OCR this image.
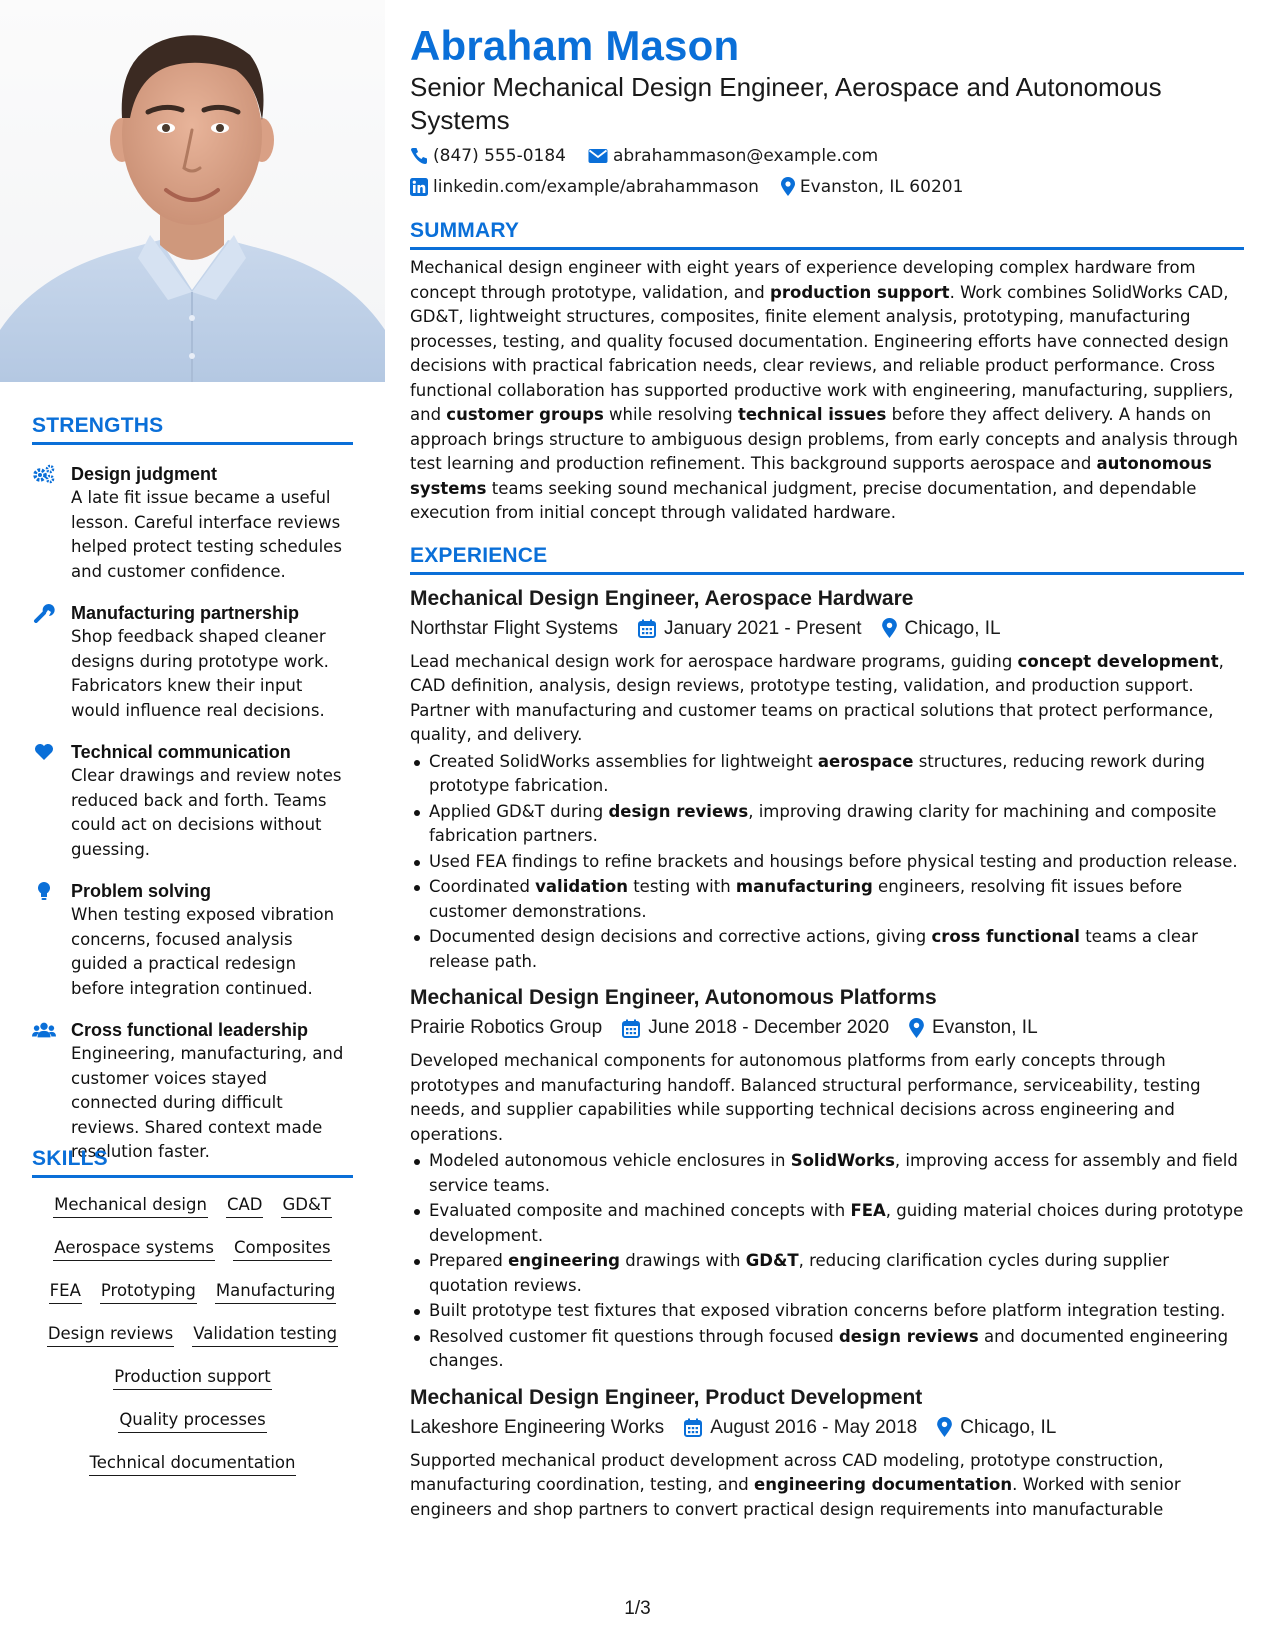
STRENGTHS
Design judgment
A late fit issue became a useful lesson. Careful interface reviews helped protect testing schedules and customer confidence.
Manufacturing partnership
Shop feedback shaped cleaner designs during prototype work. Fabricators knew their input would influence real decisions.
Technical communication
Clear drawings and review notes reduced back and forth. Teams could act on decisions without guessing.
Problem solving
When testing exposed vibration concerns, focused analysis guided a practical redesign before integration continued.
Cross functional leadership
Engineering, manufacturing, and customer voices stayed connected during difficult reviews. Shared context made resolution faster.
SKILLS
Mechanical design CAD GD&T
Aerospace systems Composites
FEA Prototyping Manufacturing
Design reviews Validation testing
Production support
Quality processes
Technical documentation
Abraham Mason
Senior Mechanical Design Engineer, Aerospace and Autonomous Systems
(847) 555-0184	abrahammason@example.com
linkedin.com/example/abrahammason Evanston, IL 60201
SUMMARY
Mechanical design engineer with eight years of experience developing complex hardware from concept through prototype, validation, and production support. Work combines SolidWorks CAD, GD&T, lightweight structures, composites, finite element analysis, prototyping, manufacturing processes, testing, and quality focused documentation. Engineering efforts have connected design decisions with practical fabrication needs, clear reviews, and reliable product performance. Cross functional collaboration has supported productive work with engineering, manufacturing, suppliers, and customer groups while resolving technical issues before they affect delivery. A hands on approach brings structure to ambiguous design problems, from early concepts and analysis through test learning and production refinement. This background supports aerospace and autonomous systems teams seeking sound mechanical judgment, precise documentation, and dependable execution from initial concept through validated hardware.
EXPERIENCE
Mechanical Design Engineer, Aerospace Hardware
Northstar Flight Systems January 2021 - Present Chicago, IL
Lead mechanical design work for aerospace hardware programs, guiding concept development, CAD definition, analysis, design reviews, prototype testing, validation, and production support. Partner with manufacturing and customer teams on practical solutions that protect performance, quality, and delivery.
Created SolidWorks assemblies for lightweight aerospace structures, reducing rework during prototype fabrication.
Applied GD&T during design reviews, improving drawing clarity for machining and composite fabrication partners.
Used FEA findings to refine brackets and housings before physical testing and production release.
Coordinated validation testing with manufacturing engineers, resolving fit issues before customer demonstrations.
Documented design decisions and corrective actions, giving cross functional teams a clear release path.
Mechanical Design Engineer, Autonomous Platforms
Prairie Robotics Group June 2018 - December 2020 Evanston, IL
Developed mechanical components for autonomous platforms from early concepts through prototypes and manufacturing handoff. Balanced structural performance, serviceability, testing needs, and supplier capabilities while supporting technical decisions across engineering and operations.
Modeled autonomous vehicle enclosures in SolidWorks, improving access for assembly and field service teams.
Evaluated composite and machined concepts with FEA, guiding material choices during prototype development.
Prepared engineering drawings with GD&T, reducing clarification cycles during supplier quotation reviews.
Built prototype test fixtures that exposed vibration concerns before platform integration testing.
Resolved customer fit questions through focused design reviews and documented engineering changes.
Mechanical Design Engineer, Product Development
Lakeshore Engineering Works August 2016 - May 2018 Chicago, IL
Supported mechanical product development across CAD modeling, prototype construction, manufacturing coordination, testing, and engineering documentation. Worked with senior engineers and shop partners to convert practical design requirements into manufacturable
1/3
